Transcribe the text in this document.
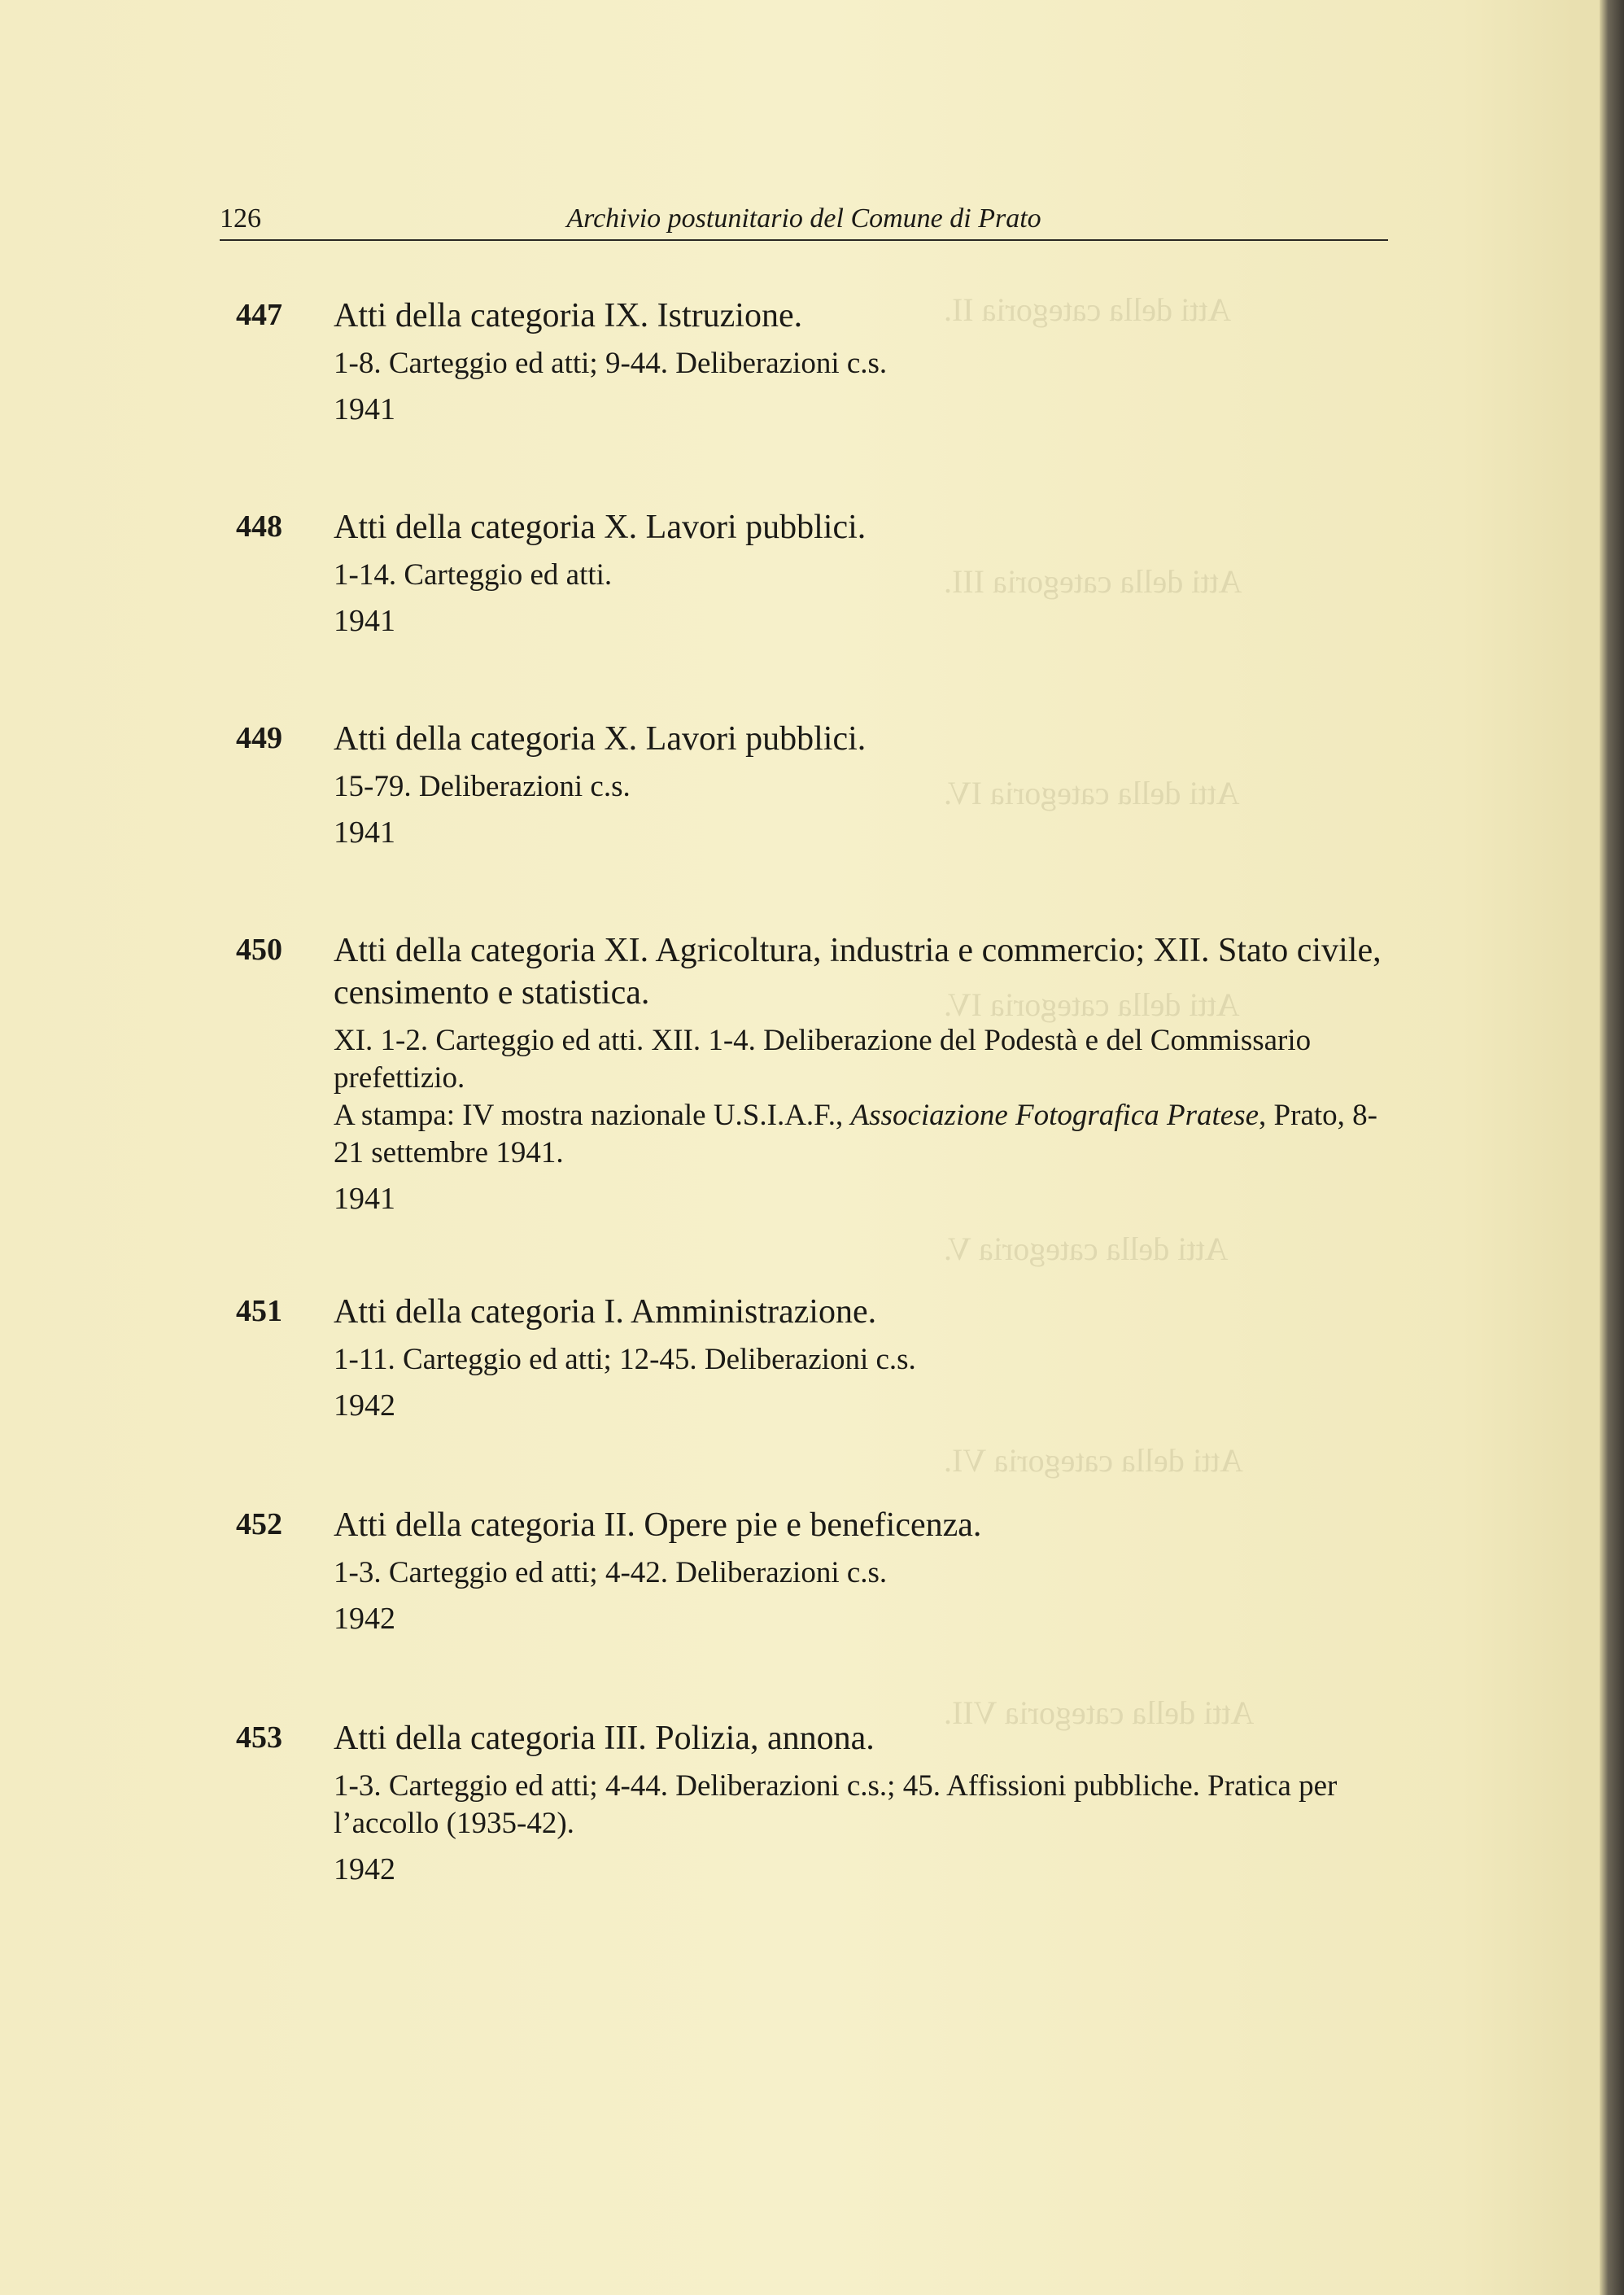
Atti della categoria II.
Atti della categoria III.
Atti della categoria IV.
Atti della categoria IV.
Atti della categoria V.
Atti della categoria VI.
Atti della categoria VII.
126	Archivio postunitario del Comune di Prato
447 Atti della categoria IX. Istruzione.

1-8. Carteggio ed atti; 9-44. Deliberazioni c.s.

1941

448 Atti della categoria X. Lavori pubblici.

1-14. Carteggio ed atti.

1941

449 Atti della categoria X. Lavori pubblici.

15-79. Deliberazioni c.s.

1941

450 Atti della categoria XI. Agricoltura, industria e commercio; XII. Stato civile, censimento e statistica.

XI. 1-2. Carteggio ed atti. XII. 1-4. Deliberazione del Podestà e del Commissario prefettizio.

A stampa: IV mostra nazionale U.S.I.A.F., Associazione Fotografica Pratese, Prato, 8-21 settembre 1941.

1941

451 Atti della categoria I. Amministrazione.

1-11. Carteggio ed atti; 12-45. Deliberazioni c.s.

1942

452 Atti della categoria II. Opere pie e beneficenza.

1-3. Carteggio ed atti; 4-42. Deliberazioni c.s.

1942

453 Atti della categoria III. Polizia, annona.

1-3. Carteggio ed atti; 4-44. Deliberazioni c.s.; 45. Affissioni pubbliche. Pratica per l’accollo (1935-42).

1942
